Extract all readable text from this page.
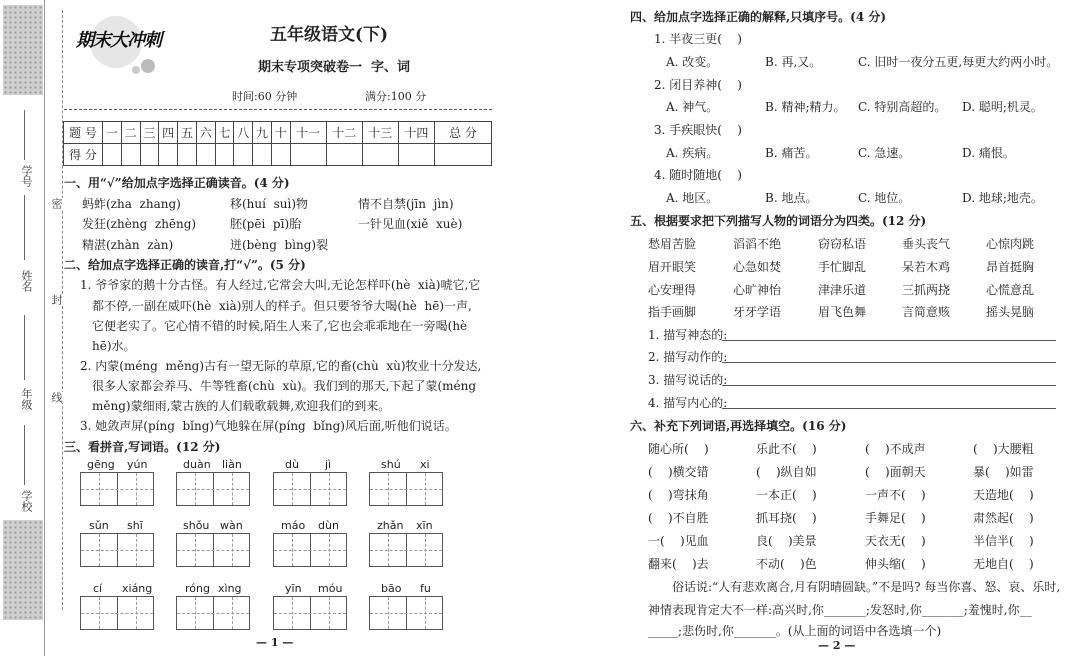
学号
姓名
年级
学校
密
封
线
期末大冲刺	五年级语文(下)
期末专项突破卷一  字、词
时间:60 分钟	满分:100 分
题 号	一	二	三	四	五	六	七	八	九	十	十一	十二	十三	十四	总 分
得 分															
一、用“√”给加点字选择正确读音。(4 分)
蚂蚱(zha  zhang)	移(huí  suì)物	情不自禁(jīn  jìn)
发狂(zhèng  zhēng)	胚(pēi  pī)胎	一针见血(xiě  xuè)
精湛(zhàn  zàn)	迸(bèng  bìng)裂
二、给加点字选择正确的读音,打“√”。(5 分)
1. 爷爷家的鹅十分古怪。有人经过,它常会大叫,无论怎样吓(hè  xià)唬它,它
都不停,一副在威吓(hè  xià)别人的样子。但只要爷爷大喝(hè  hē)一声,
它便老实了。它心情不错的时候,陌生人来了,它也会乖乖地在一旁喝(hè
hē)水。
2. 内蒙(méng  měng)古有一望无际的草原,它的畜(chù  xù)牧业十分发达,
很多人家都会养马、牛等牲畜(chù  xù)。我们到的那天,下起了蒙(méng
měng)蒙细雨,蒙古族的人们载歌载舞,欢迎我们的到来。
3. 她敛声屏(píng  bǐng)气地躲在屏(píng  bǐng)风后面,听他们说话。
三、看拼音,写词语。(12 分)
gēng yún	duàn liàn	dù jì	shú xi
sǔn shī	shǒu wàn	máo dùn	zhǎn xīn
cí xiáng	róng xìng	yīn móu	bāo fu
— 1 —
四、给加点字选择正确的解释,只填序号。(4 分)
1. 半夜三更(    )
A. 改变。	B. 再,又。	C. 旧时一夜分五更,每更大约两小时。
2. 闭目养神(    )
A. 神气。	B. 精神;精力。 C. 特别高超的。 D. 聪明;机灵。
3. 手疾眼快(    )
A. 疾病。	B. 痛苦。	C. 急速。	D. 痛恨。
4. 随时随地(    )
A. 地区。	B. 地点。	C. 地位。	D. 地球;地壳。
五、根据要求把下列描写人物的词语分为四类。(12 分)
愁眉苦脸	滔滔不绝	窃窃私语	垂头丧气	心惊肉跳
眉开眼笑	心急如焚	手忙脚乱	呆若木鸡	昂首挺胸
心安理得	心旷神怡	津津乐道	三抓两挠	心慌意乱
指手画脚	牙牙学语	眉飞色舞	言简意赅	摇头晃脑
1. 描写神态的:
2. 描写动作的:
3. 描写说话的:
4. 描写内心的:
六、补充下列词语,再选择填空。(16 分)
随心所(    )	乐此不(    )	(    )不成声	(    )大腰粗
(    )横交错	(    )纵自如	(    )面朝天	暴(    )如雷
(    )弯抹角	一本正(    )	一声不(    )	天造地(    )
(    )不自胜	抓耳挠(    )	手舞足(    )	肃然起(    )
一(    )见血	良(    )美景	天衣无(    )	半信半(    )
翻来(    )去	不动(    )色	伸头缩(    )	无地自(    )
俗话说:“人有悲欢离合,月有阴晴圆缺。”不是吗? 每当你喜、怒、哀、乐时,
神情表现肯定大不一样:高兴时,你_______;发怒时,你_______;羞愧时,你__
_____;悲伤时,你_______。(从上面的词语中各选填一个)
— 2 —
